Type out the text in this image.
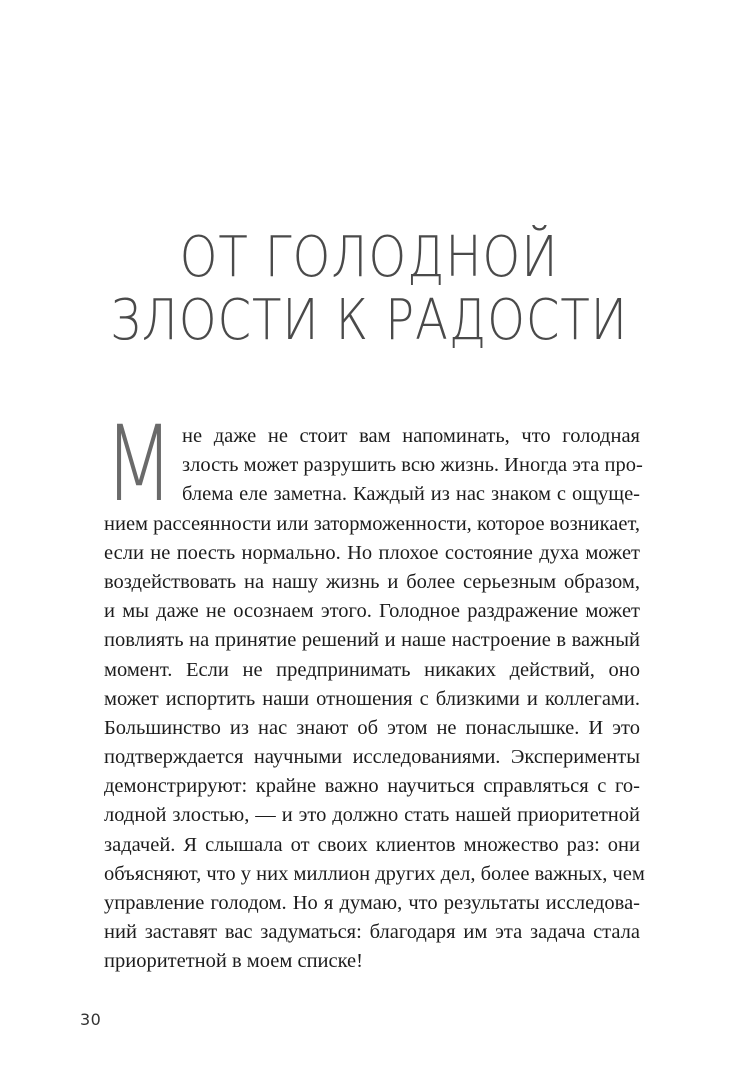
ОТ ГОЛОДНОЙ
ЗЛОСТИ К РАДОСТИ
М не даже не стоит вам напоминать, что голодная
злость может разрушить всю жизнь. Иногда эта про-
блема еле заметна. Каждый из нас знаком с ощуще-
нием рассеянности или заторможенности, которое возникает,
если не поесть нормально. Но плохое состояние духа может
воздействовать на нашу жизнь и более серьезным образом,
и мы даже не осознаем этого. Голодное раздражение может
повлиять на принятие решений и наше настроение в важный
момент. Если не предпринимать никаких действий, оно
может испортить наши отношения с близкими и коллегами.
Большинство из нас знают об этом не понаслышке. И это
подтверждается научными исследованиями. Эксперименты
демонстрируют: крайне важно научиться справляться с го-
лодной злостью, — и это должно стать нашей приоритетной
задачей. Я слышала от своих клиентов множество раз: они
объясняют, что у них миллион других дел, более важных, чем
управление голодом. Но я думаю, что результаты исследова-
ний заставят вас задуматься: благодаря им эта задача стала
приоритетной в моем списке!
30
